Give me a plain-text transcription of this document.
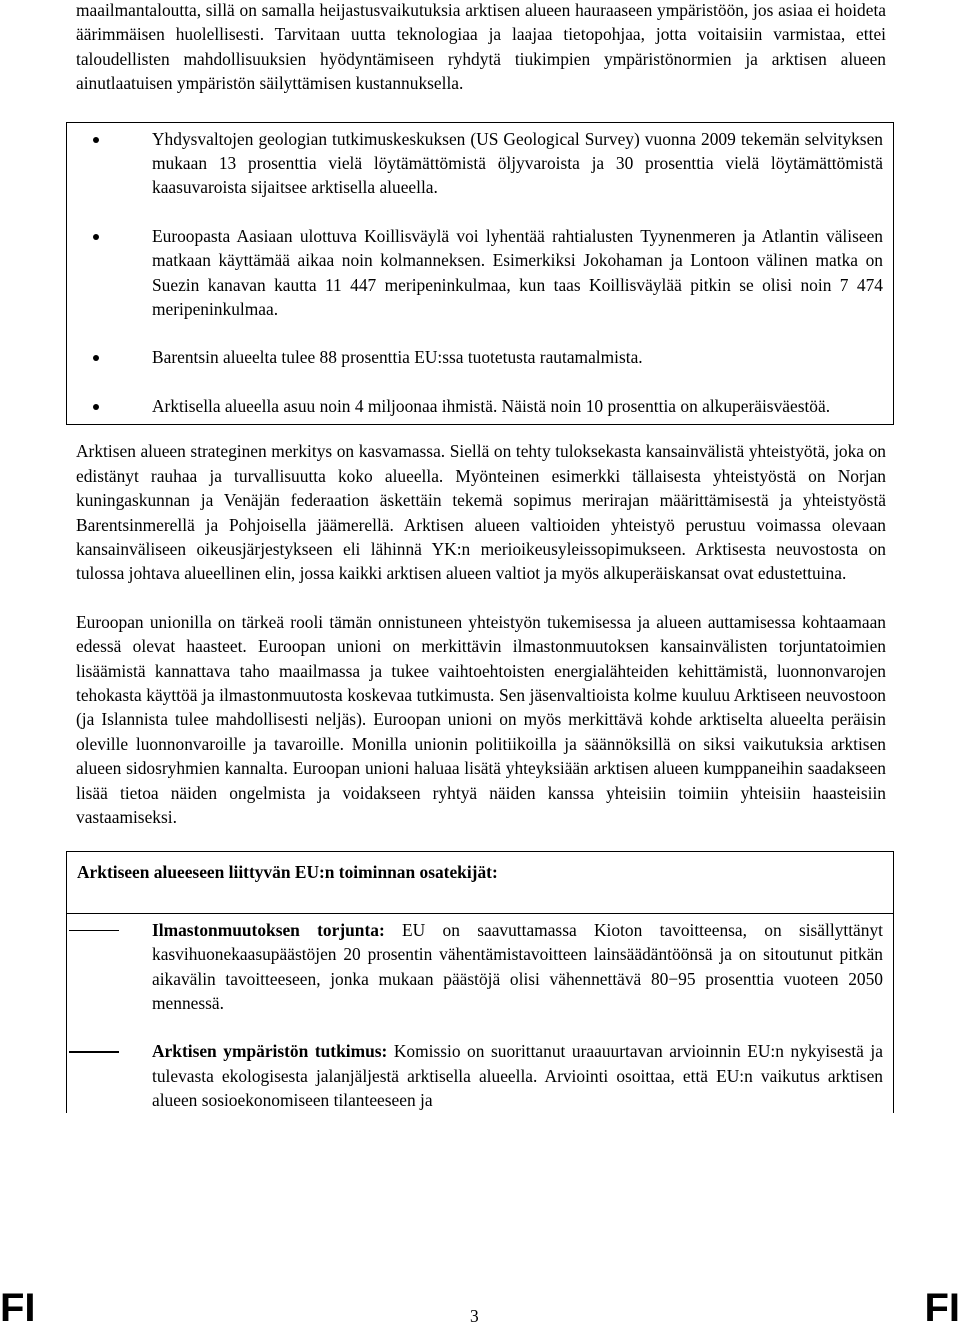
maailmantaloutta, sillä on samalla heijastusvaikutuksia arktisen alueen hauraaseen ympäristöön, jos asiaa ei hoideta äärimmäisen huolellisesti. Tarvitaan uutta teknologiaa ja laajaa tietopohjaa, jotta voitaisiin varmistaa, ettei taloudellisten mahdollisuuksien hyödyntämiseen ryhdytä tiukimpien ympäristönormien ja arktisen alueen ainutlaatuisen ympäristön säilyttämisen kustannuksella.

Yhdysvaltojen geologian tutkimuskeskuksen (US Geological Survey) vuonna 2009 tekemän selvityksen mukaan 13 prosenttia vielä löytämättömistä öljyvaroista ja 30 prosenttia vielä löytämättömistä kaasuvaroista sijaitsee arktisella alueella.
Euroopasta Aasiaan ulottuva Koillisväylä voi lyhentää rahtialusten Tyynenmeren ja Atlantin väliseen matkaan käyttämää aikaa noin kolmanneksen. Esimerkiksi Jokohaman ja Lontoon välinen matka on Suezin kanavan kautta 11 447 meripeninkulmaa, kun taas Koillisväylää pitkin se olisi noin 7 474 meripeninkulmaa.
Barentsin alueelta tulee 88 prosenttia EU:ssa tuotetusta rautamalmista.
Arktisella alueella asuu noin 4 miljoonaa ihmistä. Näistä noin 10 prosenttia on alkuperäisväestöä.

Arktisen alueen strateginen merkitys on kasvamassa. Siellä on tehty tuloksekasta kansainvälistä yhteistyötä, joka on edistänyt rauhaa ja turvallisuutta koko alueella. Myönteinen esimerkki tällaisesta yhteistyöstä on Norjan kuningaskunnan ja Venäjän federaation äskettäin tekemä sopimus merirajan määrittämisestä ja yhteistyöstä Barentsinmerellä ja Pohjoisella jäämerellä. Arktisen alueen valtioiden yhteistyö perustuu voimassa olevaan kansainväliseen oikeusjärjestykseen eli lähinnä YK:n merioikeusyleissopimukseen. Arktisesta neuvostosta on tulossa johtava alueellinen elin, jossa kaikki arktisen alueen valtiot ja myös alkuperäiskansat ovat edustettuina.

Euroopan unionilla on tärkeä rooli tämän onnistuneen yhteistyön tukemisessa ja alueen auttamisessa kohtaamaan edessä olevat haasteet. Euroopan unioni on merkittävin ilmastonmuutoksen kansainvälisten torjuntatoimien lisäämistä kannattava taho maailmassa ja tukee vaihtoehtoisten energialähteiden kehittämistä, luonnonvarojen tehokasta käyttöä ja ilmastonmuutosta koskevaa tutkimusta. Sen jäsenvaltioista kolme kuuluu Arktiseen neuvostoon (ja Islannista tulee mahdollisesti neljäs). Euroopan unioni on myös merkittävä kohde arktiselta alueelta peräisin oleville luonnonvaroille ja tavaroille. Monilla unionin politiikoilla ja säännöksillä on siksi vaikutuksia arktisen alueen sidosryhmien kannalta. Euroopan unioni haluaa lisätä yhteyksiään arktisen alueen kumppaneihin saadakseen lisää tietoa näiden ongelmista ja voidakseen ryhtyä näiden kanssa yhteisiin toimiin yhteisiin haasteisiin vastaamiseksi.

Arktiseen alueeseen liittyvän EU:n toiminnan osatekijät:
Ilmastonmuutoksen torjunta: EU on saavuttamassa Kioton tavoitteensa, on sisällyttänyt kasvihuonekaasupäästöjen 20 prosentin vähentämistavoitteen lainsäädäntöönsä ja on sitoutunut pitkän aikavälin tavoitteeseen, jonka mukaan päästöjä olisi vähennettävä 80−95 prosenttia vuoteen 2050 mennessä.
Arktisen ympäristön tutkimus: Komissio on suorittanut uraauurtavan arvioinnin EU:n nykyisestä ja tulevasta ekologisesta jalanjäljestä arktisella alueella. Arviointi osoittaa, että EU:n vaikutus arktisen alueen sosioekonomiseen tilanteeseen ja
FI	3	FI
